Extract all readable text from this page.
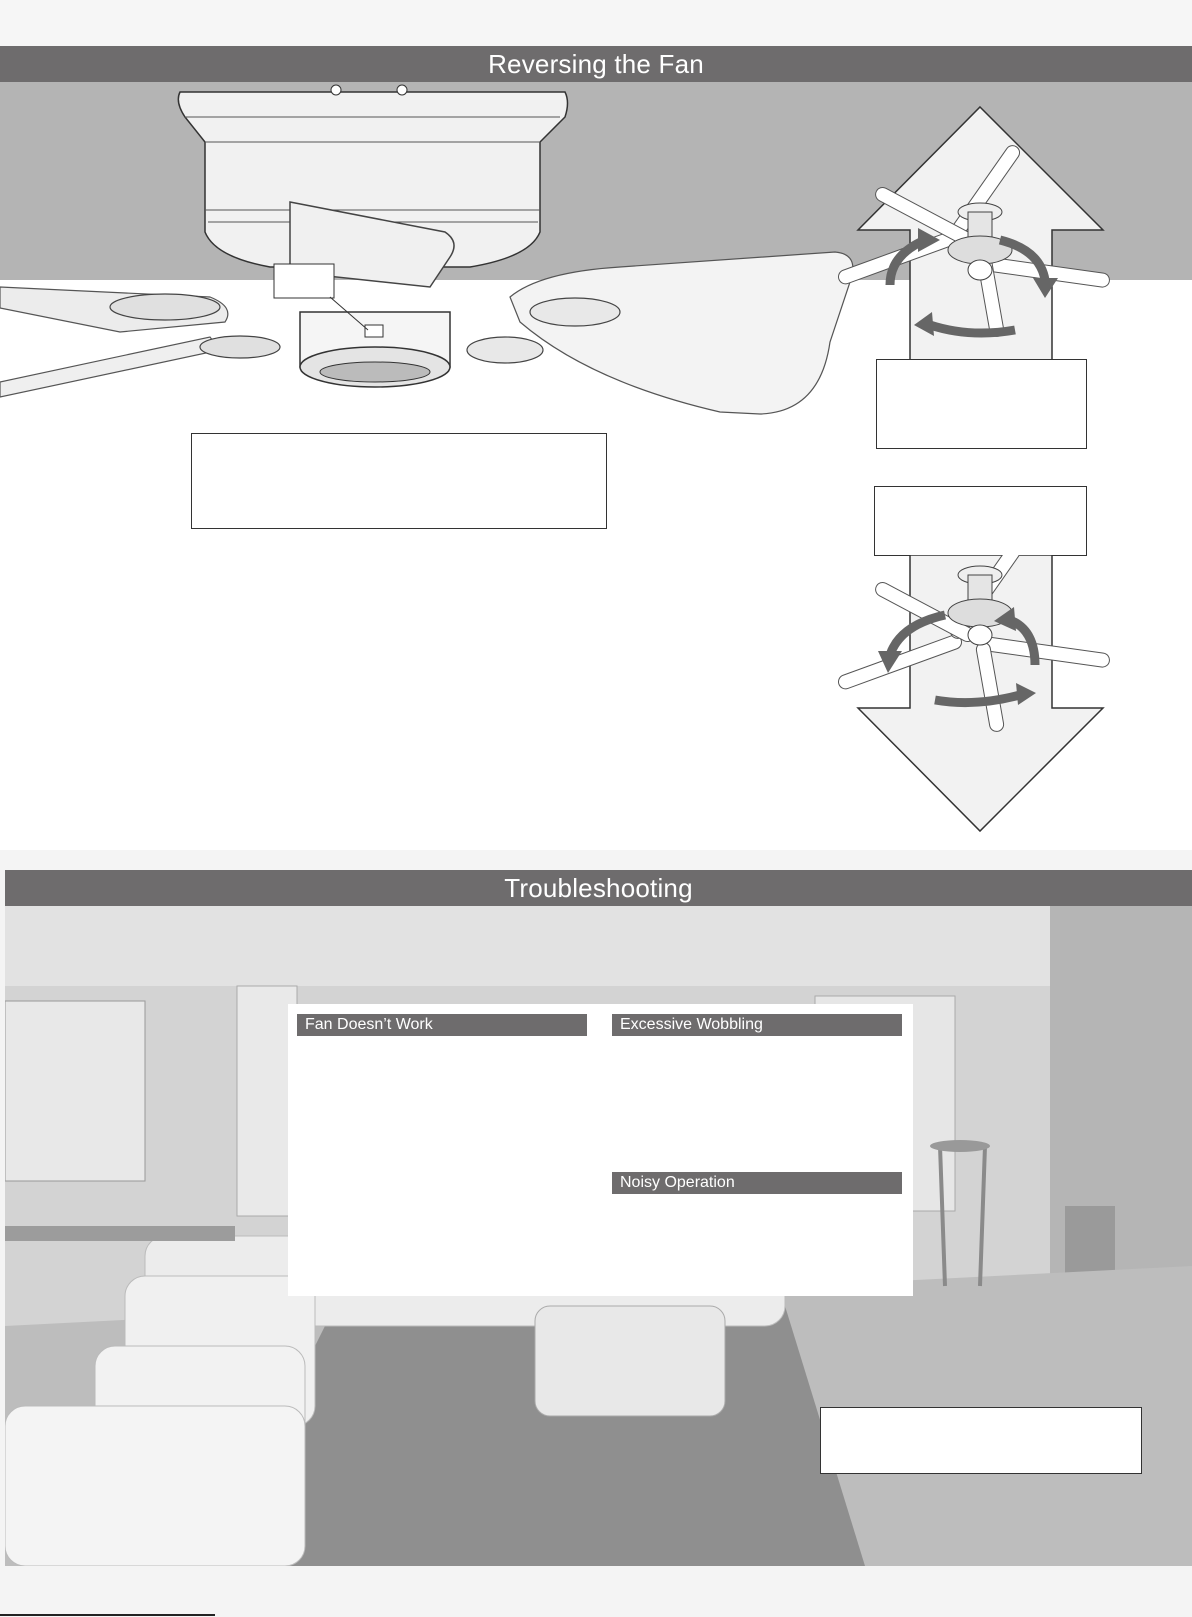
Reversing the Fan
Troubleshooting
Fan Doesn’t Work	Excessive Wobbling
Noisy Operation
